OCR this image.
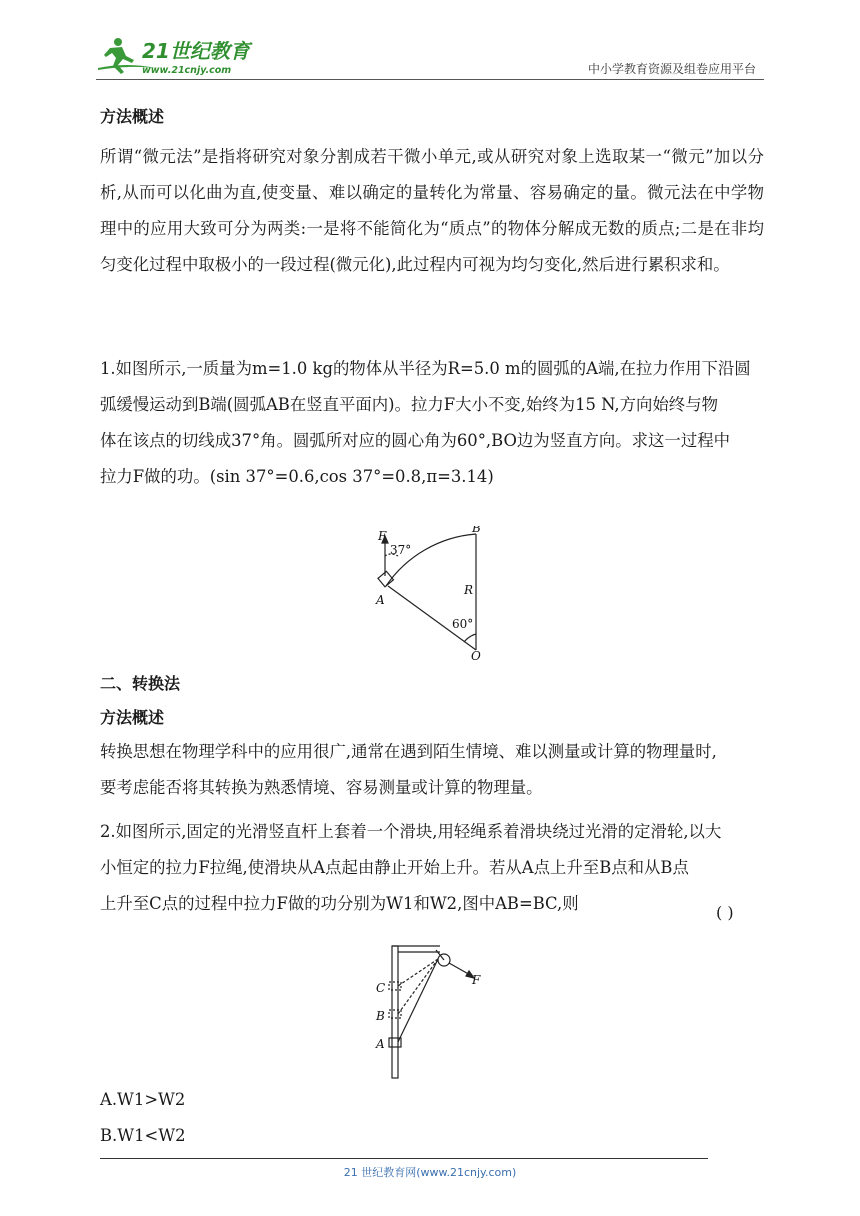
21世纪教育
www.21cnjy.com	中小学教育资源及组卷应用平台
方法概述
所谓“微元法”是指将研究对象分割成若干微小单元,或从研究对象上选取某一“微元”加以分析,从而可以化曲为直,使变量、难以确定的量转化为常量、容易确定的量。微元法在中学物理中的应用大致可分为两类:一是将不能简化为“质点”的物体分解成无数的质点;二是在非均匀变化过程中取极小的一段过程(微元化),此过程内可视为均匀变化,然后进行累积求和。
1.如图所示,一质量为m=1.0 kg的物体从半径为R=5.0 m的圆弧的A端,在拉力作用下沿圆
弧缓慢运动到B端(圆弧AB在竖直平面内)。拉力F大小不变,始终为15 N,方向始终与物
体在该点的切线成37°角。圆弧所对应的圆心角为60°,BO边为竖直方向。求这一过程中
拉力F做的功。(sin 37°=0.6,cos 37°=0.8,π=3.14)
F
37°
B
R
A
60°
O
二、转换法
方法概述
转换思想在物理学科中的应用很广,通常在遇到陌生情境、难以测量或计算的物理量时,
要考虑能否将其转换为熟悉情境、容易测量或计算的物理量。
2.如图所示,固定的光滑竖直杆上套着一个滑块,用轻绳系着滑块绕过光滑的定滑轮,以大
小恒定的拉力F拉绳,使滑块从A点起由静止开始上升。若从A点上升至B点和从B点
上升至C点的过程中拉力F做的功分别为W1和W2,图中AB=BC,则	( )
C
B
A
F
A.W1>W2
B.W1<W2
21 世纪教育网(www.21cnjy.com)
